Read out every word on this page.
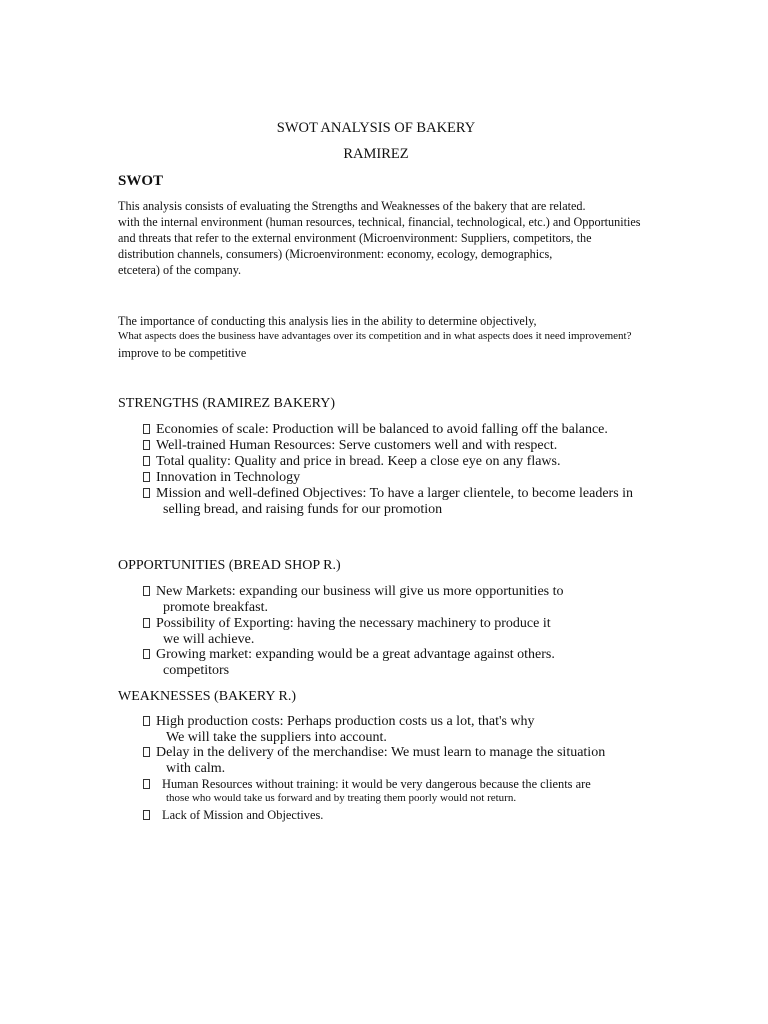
SWOT ANALYSIS OF BAKERY
RAMIREZ
SWOT
This analysis consists of evaluating the Strengths and Weaknesses of the bakery that are related.
with the internal environment (human resources, technical, financial, technological, etc.) and Opportunities
and threats that refer to the external environment (Microenvironment: Suppliers, competitors, the
distribution channels, consumers) (Microenvironment: economy, ecology, demographics,
etcetera) of the company.
The importance of conducting this analysis lies in the ability to determine objectively,
What aspects does the business have advantages over its competition and in what aspects does it need improvement?
improve to be competitive
STRENGTHS (RAMIREZ BAKERY)
Economies of scale: Production will be balanced to avoid falling off the balance.
Well-trained Human Resources: Serve customers well and with respect.
Total quality: Quality and price in bread. Keep a close eye on any flaws.
Innovation in Technology
Mission and well-defined Objectives: To have a larger clientele, to become leaders in
selling bread, and raising funds for our promotion
OPPORTUNITIES (BREAD SHOP R.)
New Markets: expanding our business will give us more opportunities to
promote breakfast.
Possibility of Exporting: having the necessary machinery to produce it
we will achieve.
Growing market: expanding would be a great advantage against others.
competitors
WEAKNESSES (BAKERY R.)
High production costs: Perhaps production costs us a lot, that's why
We will take the suppliers into account.
Delay in the delivery of the merchandise: We must learn to manage the situation
with calm.
Human Resources without training: it would be very dangerous because the clients are
those who would take us forward and by treating them poorly would not return.
Lack of Mission and Objectives.
